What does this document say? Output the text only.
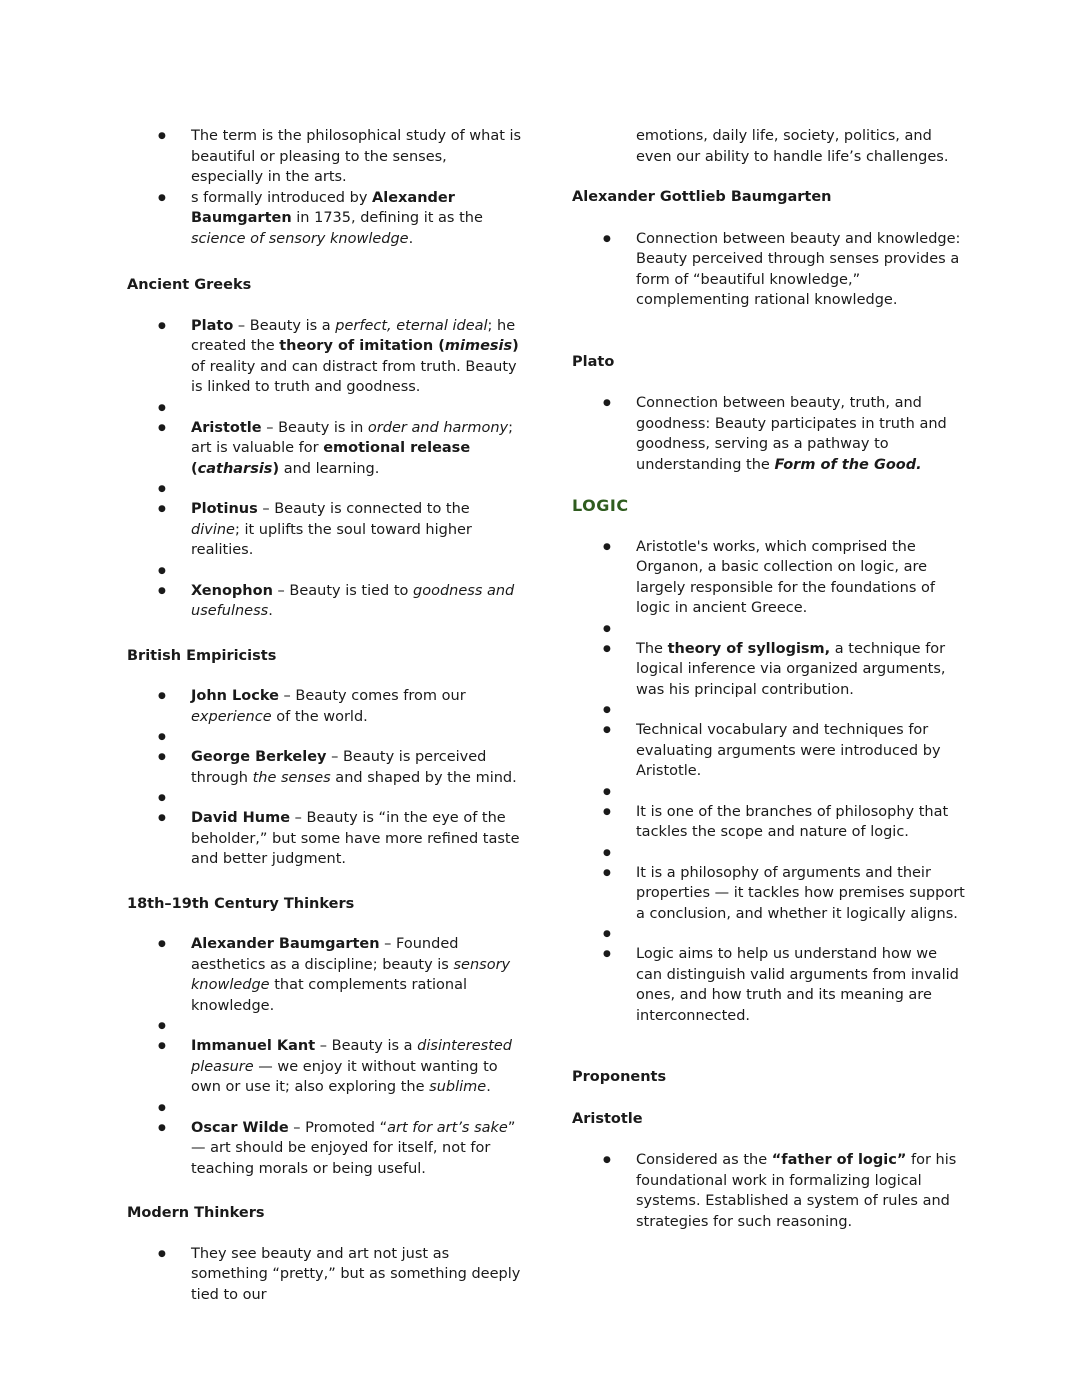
● The term is the philosophical study of what is beautiful or pleasing to the senses, especially in the arts.
● s formally introduced by Alexander Baumgarten in 1735, defining it as the science of sensory knowledge.
Ancient Greeks
● Plato – Beauty is a perfect, eternal ideal; he created the theory of imitation (mimesis) of reality and can distract from truth. Beauty is linked to truth and goodness.
●
● Aristotle – Beauty is in order and harmony; art is valuable for emotional release (catharsis) and learning.
●
● Plotinus – Beauty is connected to the divine; it uplifts the soul toward higher realities.
●
● Xenophon – Beauty is tied to goodness and usefulness.
British Empiricists
● John Locke – Beauty comes from our experience of the world.
●
● George Berkeley – Beauty is perceived through the senses and shaped by the mind.
●
● David Hume – Beauty is “in the eye of the beholder,” but some have more refined taste and better judgment.
18th–19th Century Thinkers
● Alexander Baumgarten – Founded aesthetics as a discipline; beauty is sensory knowledge that complements rational knowledge.
●
● Immanuel Kant – Beauty is a disinterested pleasure — we enjoy it without wanting to own or use it; also exploring the sublime.
●
● Oscar Wilde – Promoted “art for art’s sake” — art should be enjoyed for itself, not for teaching morals or being useful.
Modern Thinkers
● They see beauty and art not just as something “pretty,” but as something deeply tied to our
emotions, daily life, society, politics, and even our ability to handle life’s challenges.
Alexander Gottlieb Baumgarten
● Connection between beauty and knowledge: Beauty perceived through senses provides a form of “beautiful knowledge,” complementing rational knowledge.
Plato
● Connection between beauty, truth, and goodness: Beauty participates in truth and goodness, serving as a pathway to understanding the Form of the Good.
LOGIC
● Aristotle's works, which comprised the Organon, a basic collection on logic, are largely responsible for the foundations of logic in ancient Greece.
●
● The theory of syllogism, a technique for logical inference via organized arguments, was his principal contribution.
●
● Technical vocabulary and techniques for evaluating arguments were introduced by Aristotle.
●
● It is one of the branches of philosophy that tackles the scope and nature of logic.
●
● It is a philosophy of arguments and their properties — it tackles how premises support a conclusion, and whether it logically aligns.
●
● Logic aims to help us understand how we can distinguish valid arguments from invalid ones, and how truth and its meaning are interconnected.
Proponents
Aristotle
● Considered as the “father of logic” for his foundational work in formalizing logical systems. Established a system of rules and strategies for such reasoning.
